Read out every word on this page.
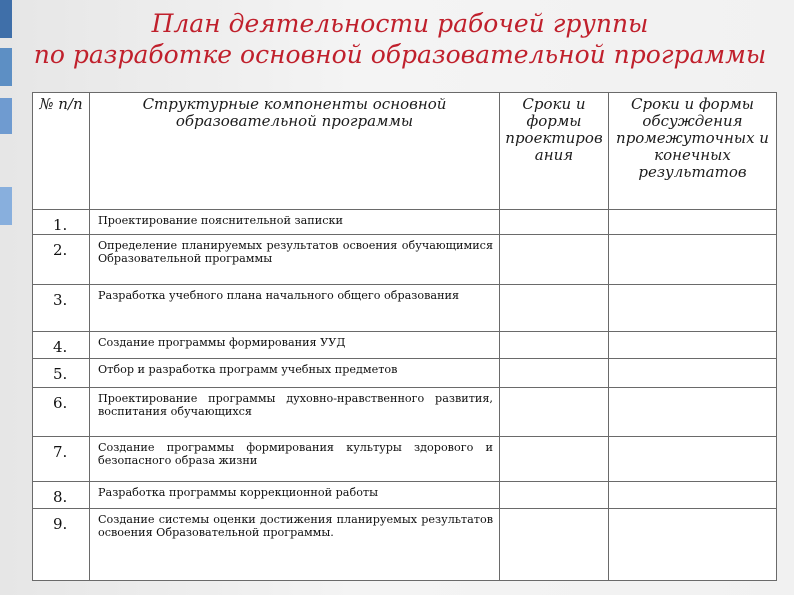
План деятельности рабочей группы
по разработке основной образовательной программы
№ п/п	Структурные компоненты основной образовательной программы	Сроки и формы проектиров ания	Сроки и формы обсуждения промежуточных и конечных результатов
1.	Проектирование пояснительной записки		
2.	Определение планируемых результатов освоения обучающимися Образовательной программы		
3.	Разработка учебного плана начального общего образования		
4.	Создание программы формирования УУД		
5.	Отбор и разработка программ учебных предметов		
6.	Проектирование программы духовно-нравственного развития, воспитания обучающихся		
7.	Создание программы формирования культуры здорового и безопасного образа жизни		
8.	Разработка программы коррекционной работы		
9.	Создание системы оценки достижения планируемых результатов освоения Образовательной программы.		
